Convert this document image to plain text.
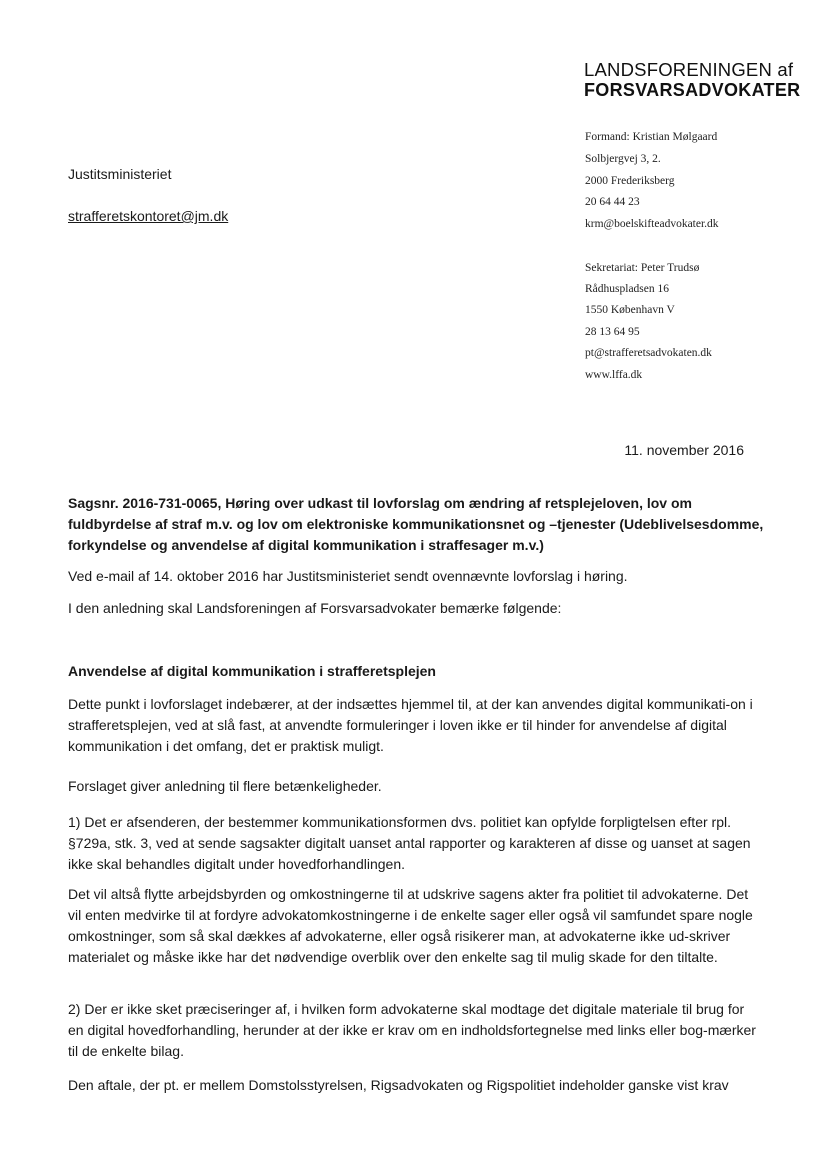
LANDSFORENINGEN af
FORSVARSADVOKATER
Justitsministeriet
strafferetskontoret@jm.dk
Formand: Kristian Mølgaard
Solbjergvej 3, 2.
2000 Frederiksberg
20 64 44 23
krm@boelskifteadvokater.dk
Sekretariat: Peter Trudsø
Rådhuspladsen 16
1550 København V
28 13 64 95
pt@strafferetsadvokaten.dk
www.lffa.dk
11. november 2016
Sagsnr. 2016-731-0065, Høring over udkast til lovforslag om ændring af retsplejeloven, lov om fuldbyrdelse af straf m.v. og lov om elektroniske kommunikationsnet og –tjenester (Udeblivelsesdomme, forkyndelse og anvendelse af digital kommunikation i straffesager m.v.)
Ved e-mail af 14. oktober 2016 har Justitsministeriet sendt ovennævnte lovforslag i høring.
I den anledning skal Landsforeningen af Forsvarsadvokater bemærke følgende:
Anvendelse af digital kommunikation i strafferetsplejen
Dette punkt i lovforslaget indebærer, at der indsættes hjemmel til, at der kan anvendes digital kommunikati-on i strafferetsplejen, ved at slå fast, at anvendte formuleringer i loven ikke er til hinder for anvendelse af digital kommunikation i det omfang, det er praktisk muligt.
Forslaget giver anledning til flere betænkeligheder.
1) Det er afsenderen, der bestemmer kommunikationsformen dvs. politiet kan opfylde forpligtelsen efter rpl. §729a, stk. 3, ved at sende sagsakter digitalt uanset antal rapporter og karakteren af disse og uanset at sagen ikke skal behandles digitalt under hovedforhandlingen.
Det vil altså flytte arbejdsbyrden og omkostningerne til at udskrive sagens akter fra politiet til advokaterne. Det vil enten medvirke til at fordyre advokatomkostningerne i de enkelte sager eller også vil samfundet spare nogle omkostninger, som så skal dækkes af advokaterne, eller også risikerer man, at advokaterne ikke ud-skriver materialet og måske ikke har det nødvendige overblik over den enkelte sag til mulig skade for den tiltalte.
2) Der er ikke sket præciseringer af, i hvilken form advokaterne skal modtage det digitale materiale til brug for en digital hovedforhandling, herunder at der ikke er krav om en indholdsfortegnelse med links eller bog-mærker til de enkelte bilag.
Den aftale, der pt. er mellem Domstolsstyrelsen, Rigsadvokaten og Rigspolitiet indeholder ganske vist krav
